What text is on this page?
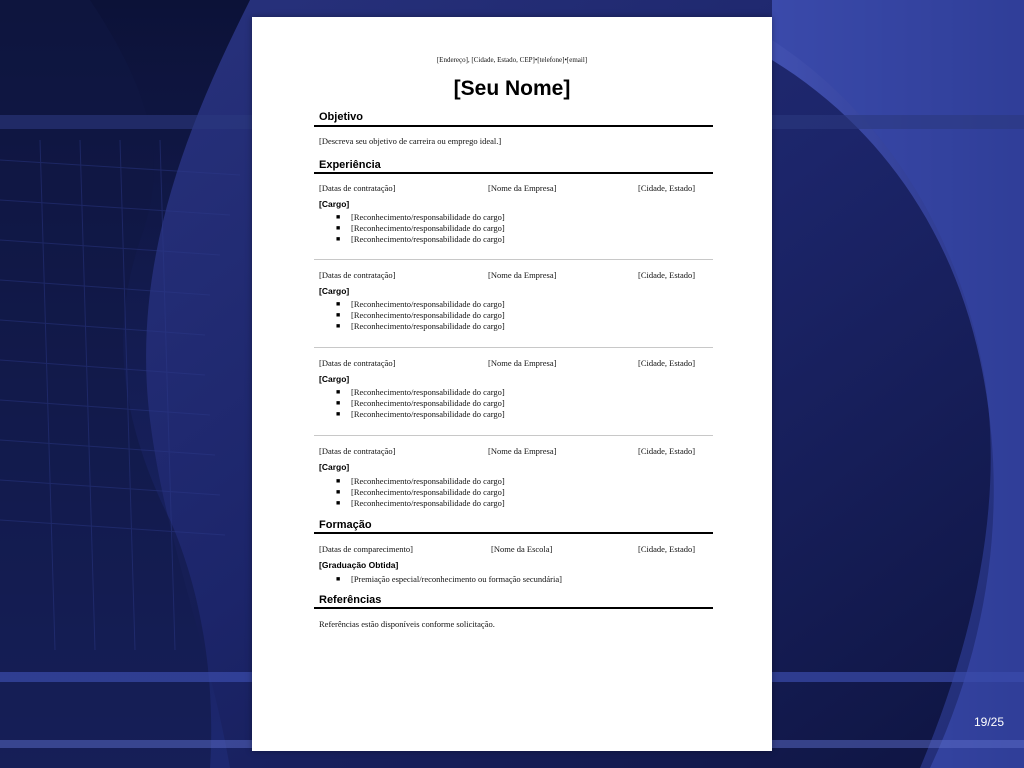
[Endereço], [Cidade, Estado, CEP]•[telefone]•[email]
[Seu Nome]
Objetivo
[Descreva seu objetivo de carreira ou emprego ideal.]
Experiência
[Datas de contratação]	[Nome da Empresa]	[Cidade, Estado]
[Cargo]
■ [Reconhecimento/responsabilidade do cargo]
■ [Reconhecimento/responsabilidade do cargo]
■ [Reconhecimento/responsabilidade do cargo]
[Datas de contratação]	[Nome da Empresa]	[Cidade, Estado]
[Cargo]
■ [Reconhecimento/responsabilidade do cargo]
■ [Reconhecimento/responsabilidade do cargo]
■ [Reconhecimento/responsabilidade do cargo]
[Datas de contratação]	[Nome da Empresa]	[Cidade, Estado]
[Cargo]
■ [Reconhecimento/responsabilidade do cargo]
■ [Reconhecimento/responsabilidade do cargo]
■ [Reconhecimento/responsabilidade do cargo]
[Datas de contratação]	[Nome da Empresa]	[Cidade, Estado]
[Cargo]
■ [Reconhecimento/responsabilidade do cargo]
■ [Reconhecimento/responsabilidade do cargo]
■ [Reconhecimento/responsabilidade do cargo]
Formação
[Datas de comparecimento]	[Nome da Escola]	[Cidade, Estado]
[Graduação Obtida]
■ [Premiação especial/reconhecimento ou formação secundária]
Referências
Referências estão disponíveis conforme solicitação.
19/25
